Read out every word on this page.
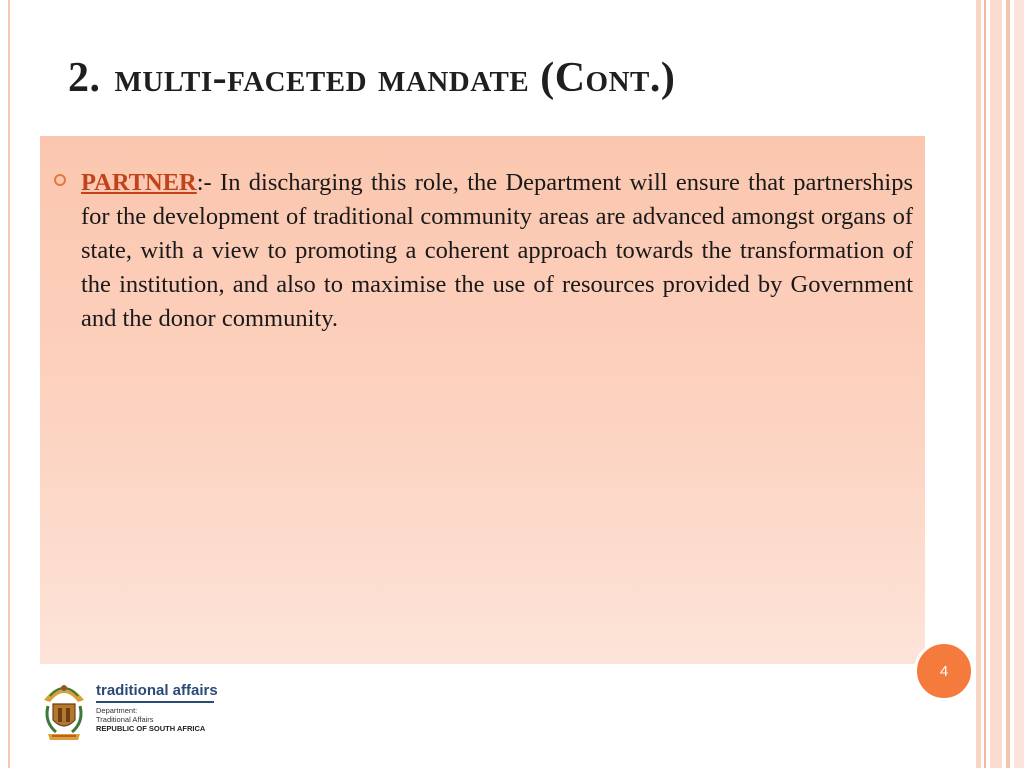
2. multi-faceted mandate (Cont.)

PARTNER:- In discharging this role, the Department will ensure that partnerships for the development of traditional community areas are advanced amongst organs of state, with a view to promoting a coherent approach towards the transformation of the institution, and also to maximise the use of resources provided by Government and the donor community.

4
traditional affairs
Department:
Traditional Affairs
REPUBLIC OF SOUTH AFRICA
